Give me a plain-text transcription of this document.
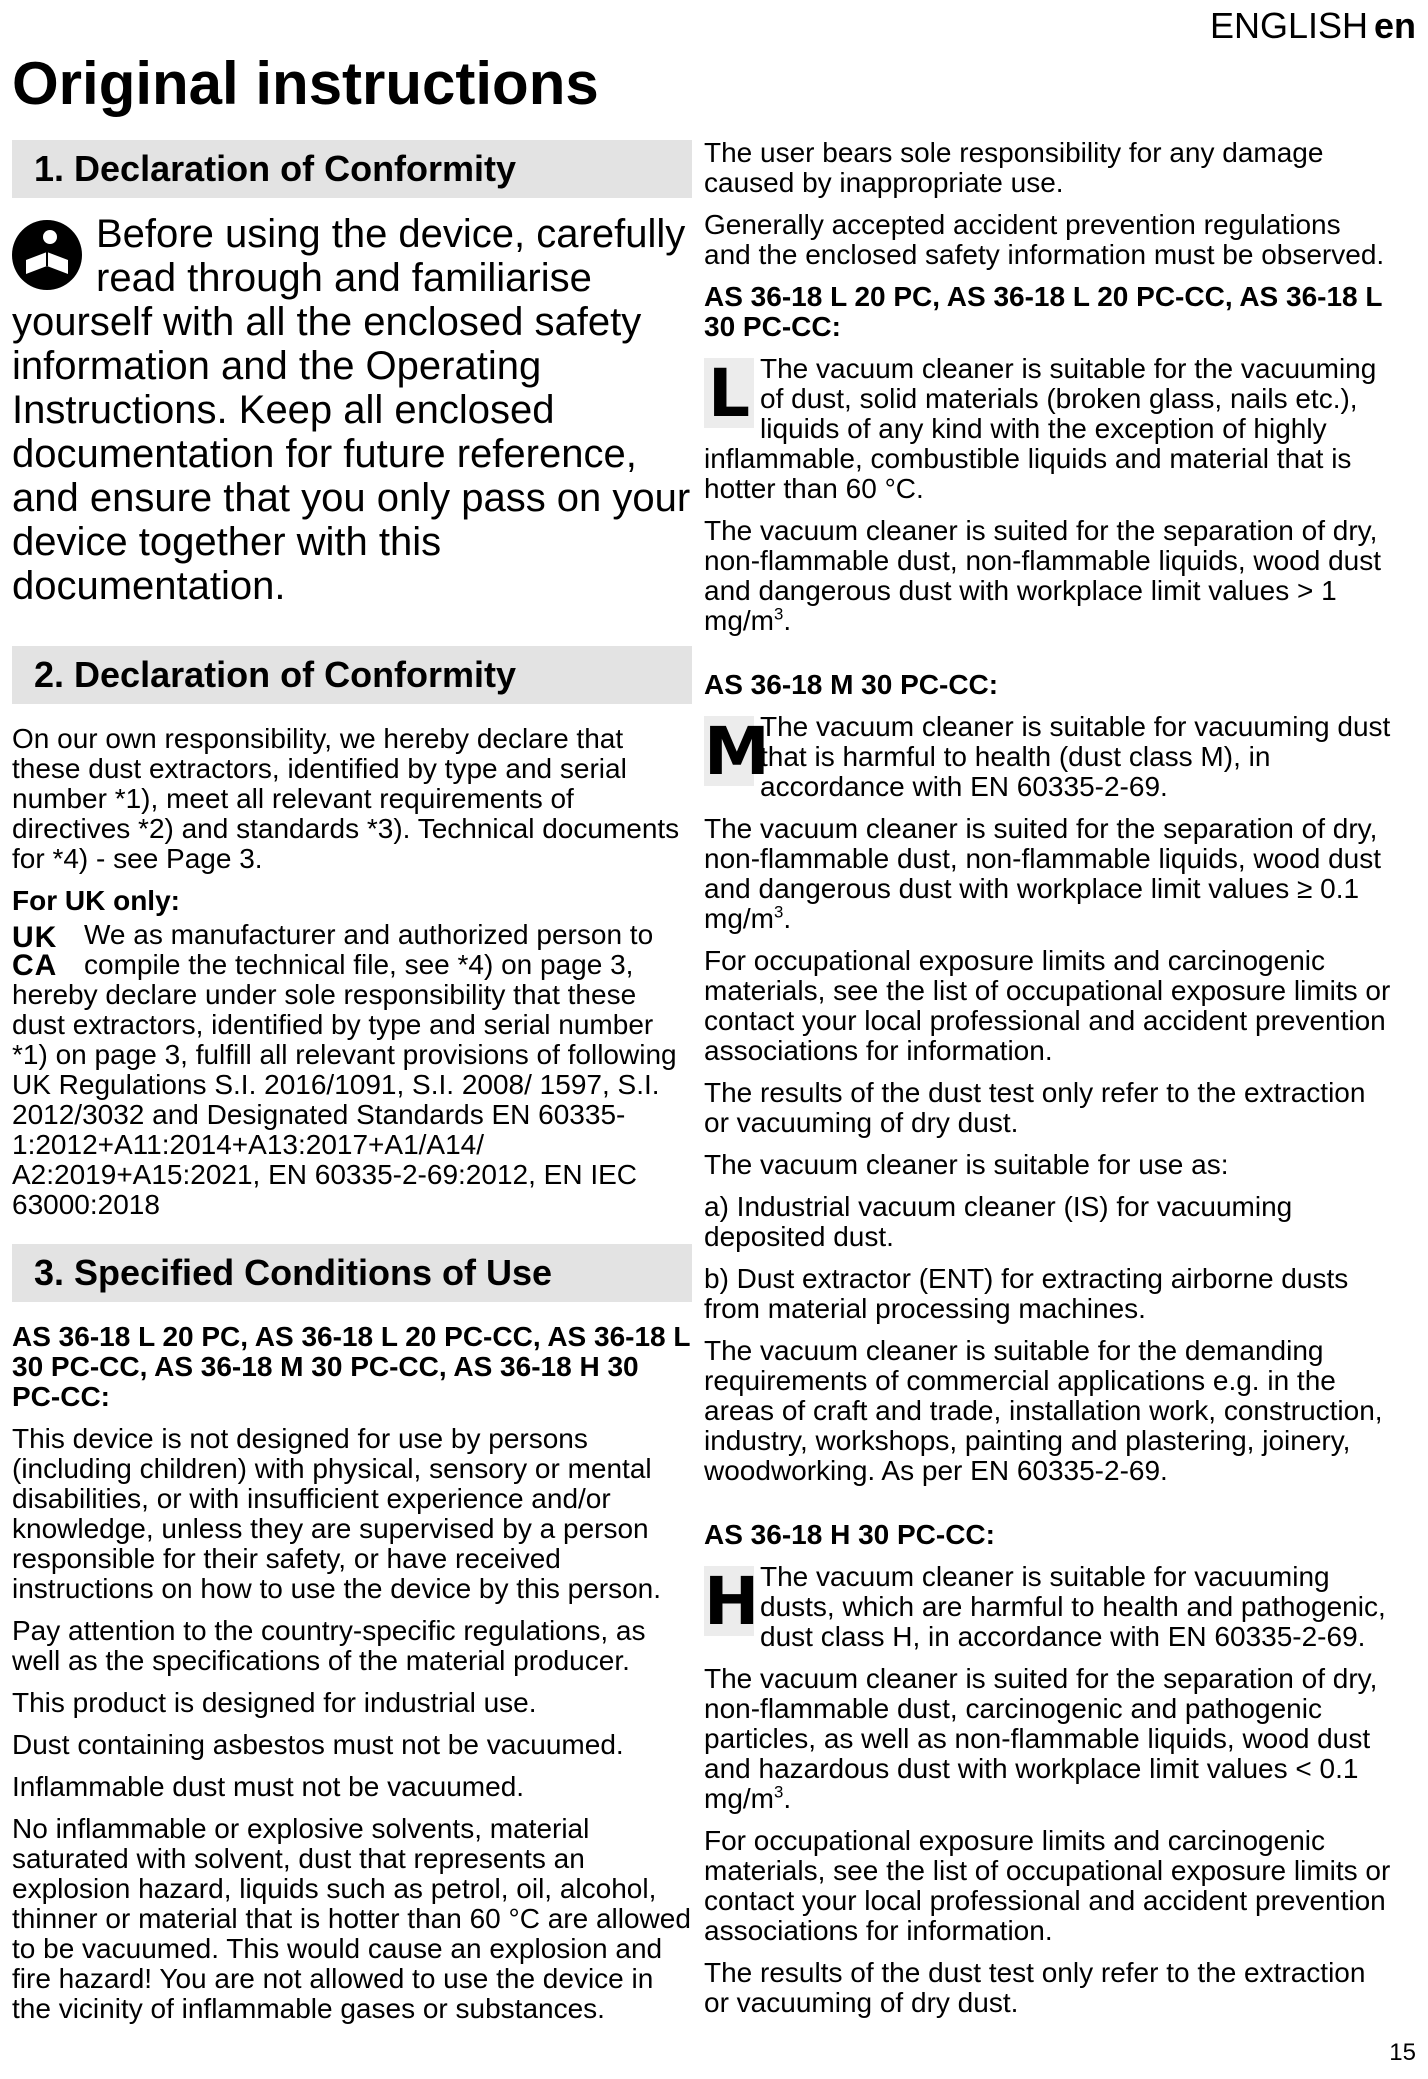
ENGLISH en
Original instructions
1. Declaration of Conformity
Before using the device, carefully read through and familiarise yourself with all the enclosed safety information and the Operating Instructions. Keep all enclosed documentation for future reference, and ensure that you only pass on your device together with this documentation.
2. Declaration of Conformity

On our own responsibility, we hereby declare that these dust extractors, identified by type and serial number *1), meet all relevant requirements of directives *2) and standards *3). Technical documents for *4) - see Page 3.

For UK only:

UK
CA
We as manufacturer and authorized person to compile the technical file, see *4) on page 3, hereby declare under sole responsibility that these dust extractors, identified by type and serial number *1) on page 3, fulfill all relevant provisions of following UK Regulations S.I. 2016/1091, S.I. 2008/ 1597, S.I. 2012/3032 and Designated Standards EN 60335-1:2012+A11:2014+A13:2017+A1/A14/ A2:2019+A15:2021, EN 60335-2-69:2012, EN IEC 63000:2018
3. Specified Conditions of Use

AS 36-18 L 20 PC, AS 36-18 L 20 PC-CC, AS 36-18 L 30 PC-CC, AS 36-18 M 30 PC-CC, AS 36-18 H 30 PC-CC:

This device is not designed for use by persons (including children) with physical, sensory or mental disabilities, or with insufficient experience and/or knowledge, unless they are supervised by a person responsible for their safety, or have received instructions on how to use the device by this person.

Pay attention to the country-specific regulations, as well as the specifications of the material producer.

This product is designed for industrial use.

Dust containing asbestos must not be vacuumed.

Inflammable dust must not be vacuumed.

No inflammable or explosive solvents, material saturated with solvent, dust that represents an explosion hazard, liquids such as petrol, oil, alcohol, thinner or material that is hotter than 60 °C are allowed to be vacuumed. This would cause an explosion and fire hazard! You are not allowed to use the device in the vicinity of inflammable gases or substances.

The user bears sole responsibility for any damage caused by inappropriate use.

Generally accepted accident prevention regulations and the enclosed safety information must be observed.

AS 36-18 L 20 PC, AS 36-18 L 20 PC-CC, AS 36-18 L 30 PC-CC:

L The vacuum cleaner is suitable for the vacuuming of dust, solid materials (broken glass, nails etc.), liquids of any kind with the exception of highly inflammable, combustible liquids and material that is hotter than 60 °C.

The vacuum cleaner is suited for the separation of dry, non-flammable dust, non-flammable liquids, wood dust and dangerous dust with workplace limit values > 1 $mg/m^3$.

AS 36-18 M 30 PC-CC:

M
The vacuum cleaner is suitable for vacuuming dust that is harmful to health (dust class M), in accordance with EN 60335-2-69.

The vacuum cleaner is suited for the separation of dry, non-flammable dust, non-flammable liquids, wood dust and dangerous dust with workplace limit values ≥ 0.1 $mg/m^3$.

For occupational exposure limits and carcinogenic materials, see the list of occupational exposure limits or contact your local professional and accident prevention associations for information.

The results of the dust test only refer to the extraction or vacuuming of dry dust.

The vacuum cleaner is suitable for use as:

a) Industrial vacuum cleaner (IS) for vacuuming deposited dust.

b) Dust extractor (ENT) for extracting airborne dusts from material processing machines.

The vacuum cleaner is suitable for the demanding requirements of commercial applications e.g. in the areas of craft and trade, installation work, construction, industry, workshops, painting and plastering, joinery, woodworking. As per EN 60335-2-69.

AS 36-18 H 30 PC-CC:

H The vacuum cleaner is suitable for vacuuming dusts, which are harmful to health and pathogenic, dust class H, in accordance with EN 60335-2-69.

The vacuum cleaner is suited for the separation of dry, non-flammable dust, carcinogenic and pathogenic particles, as well as non-flammable liquids, wood dust and hazardous dust with workplace limit values < 0.1 $mg/m^3$.

For occupational exposure limits and carcinogenic materials, see the list of occupational exposure limits or contact your local professional and accident prevention associations for information.

The results of the dust test only refer to the extraction or vacuuming of dry dust.

15
